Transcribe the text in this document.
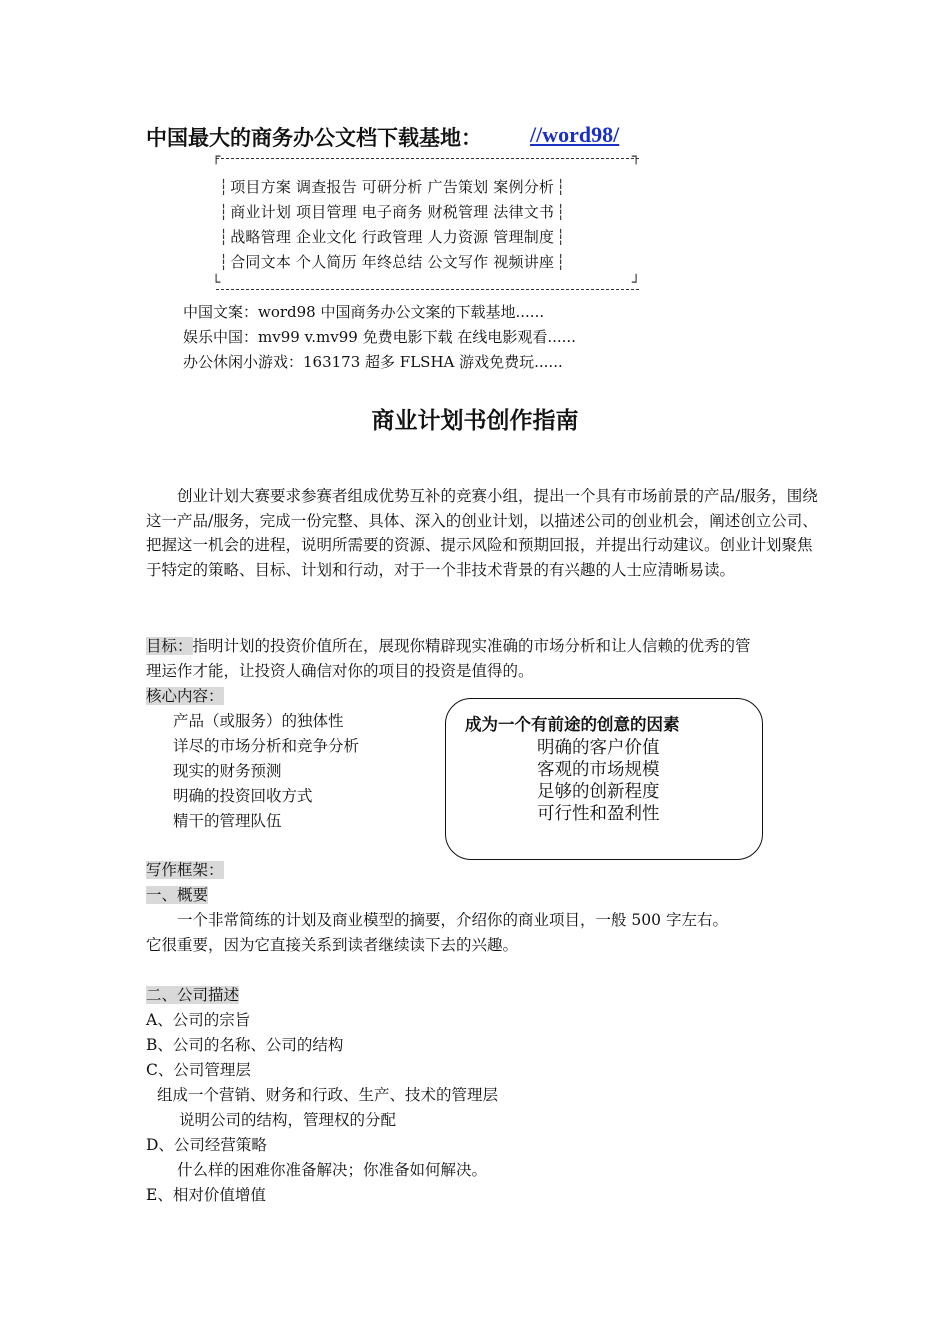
中国最大的商务办公文档下载基地： //word98/
┌	┐
└	┘
┆ 项目方案 调查报告 可研分析 广告策划 案例分析 ┆
┆ 商业计划 项目管理 电子商务 财税管理 法律文书 ┆
┆ 战略管理 企业文化 行政管理 人力资源 管理制度 ┆
┆ 合同文本 个人简历 年终总结 公文写作 视频讲座 ┆
中国文案：word98 中国商务办公文案的下载基地......
娱乐中国：mv99 v.mv99 免费电影下载 在线电影观看......
办公休闲小游戏：163173 超多 FLSHA 游戏免费玩......
商业计划书创作指南
创业计划大赛要求参赛者组成优势互补的竞赛小组，提出一个具有市场前景的产品/服务，围绕这一产品/服务，完成一份完整、具体、深入的创业计划，以描述公司的创业机会，阐述创立公司、把握这一机会的进程，说明所需要的资源、提示风险和预期回报，并提出行动建议。创业计划聚焦于特定的策略、目标、计划和行动，对于一个非技术背景的有兴趣的人士应清晰易读。
目标：指明计划的投资价值所在，展现你精辟现实准确的市场分析和让人信赖的优秀的管
理运作才能，让投资人确信对你的项目的投资是值得的。
核心内容：
产品（或服务）的独体性
详尽的市场分析和竞争分析
现实的财务预测
明确的投资回收方式
精干的管理队伍
成为一个有前途的创意的因素
明确的客户价值
客观的市场规模
足够的创新程度
可行性和盈利性
写作框架：
一、概要
一个非常简练的计划及商业模型的摘要，介绍你的商业项目，一般 500 字左右。
它很重要，因为它直接关系到读者继续读下去的兴趣。
二、公司描述
A、公司的宗旨
B、公司的名称、公司的结构
C、公司管理层
组成一个营销、财务和行政、生产、技术的管理层
说明公司的结构，管理权的分配
D、公司经营策略
什么样的困难你准备解决；你准备如何解决。
E、相对价值增值
